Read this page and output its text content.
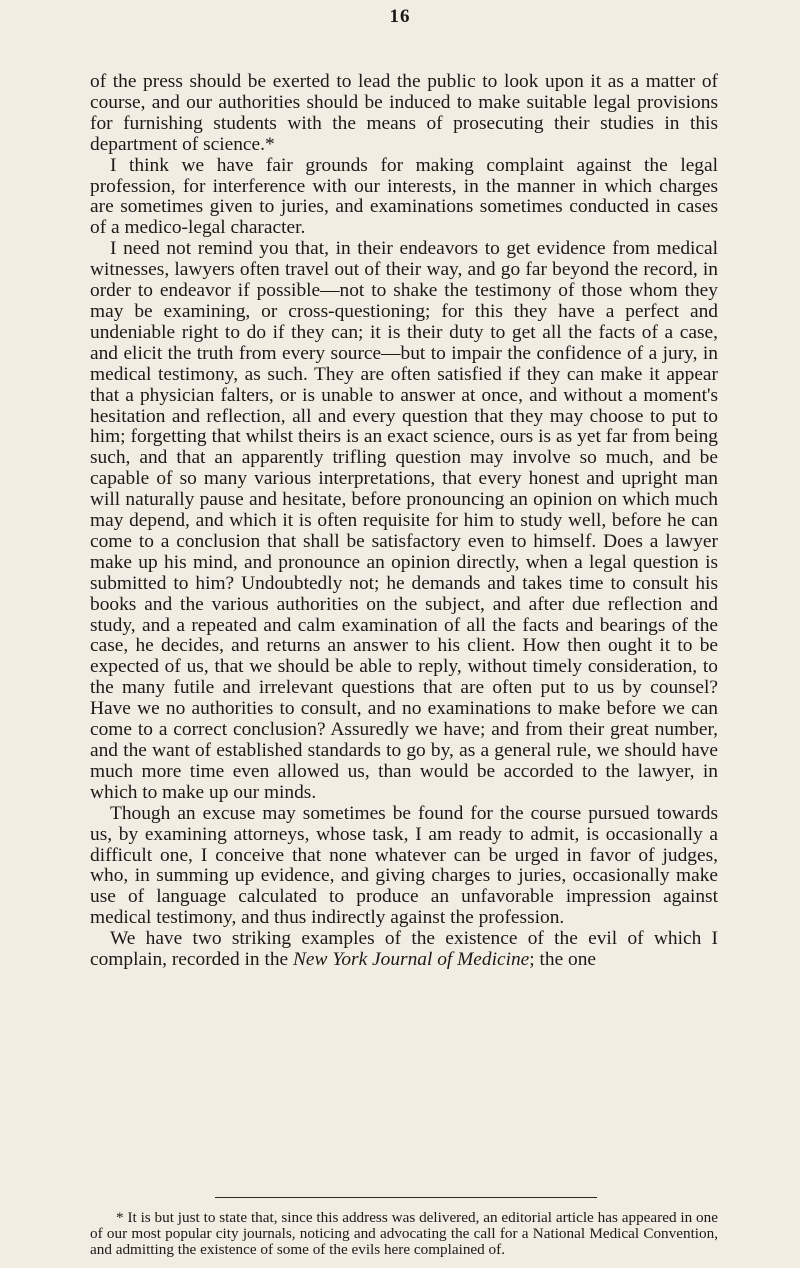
16

of the press should be exerted to lead the public to look upon it as a matter of course, and our authorities should be induced to make suitable legal provisions for furnishing students with the means of prosecuting their studies in this department of science.*

I think we have fair grounds for making complaint against the legal profession, for interference with our interests, in the manner in which charges are sometimes given to juries, and examinations sometimes conducted in cases of a medico-legal character.

I need not remind you that, in their endeavors to get evidence from medical witnesses, lawyers often travel out of their way, and go far beyond the record, in order to endeavor if possible—not to shake the testimony of those whom they may be examining, or cross-questioning; for this they have a perfect and undeniable right to do if they can; it is their duty to get all the facts of a case, and elicit the truth from every source—but to impair the confidence of a jury, in medical testimony, as such. They are often satisfied if they can make it appear that a physician falters, or is unable to answer at once, and without a moment's hesitation and reflection, all and every question that they may choose to put to him; forgetting that whilst theirs is an exact science, ours is as yet far from being such, and that an apparently trifling question may involve so much, and be capable of so many various interpretations, that every honest and upright man will naturally pause and hesitate, before pronouncing an opinion on which much may depend, and which it is often requisite for him to study well, before he can come to a conclusion that shall be satisfactory even to himself. Does a lawyer make up his mind, and pronounce an opinion directly, when a legal question is submitted to him? Undoubtedly not; he demands and takes time to consult his books and the various authorities on the subject, and after due reflection and study, and a repeated and calm examination of all the facts and bearings of the case, he decides, and returns an answer to his client. How then ought it to be expected of us, that we should be able to reply, without timely consideration, to the many futile and irrelevant questions that are often put to us by counsel? Have we no authorities to consult, and no examinations to make before we can come to a correct conclusion? Assuredly we have; and from their great number, and the want of established standards to go by, as a general rule, we should have much more time even allowed us, than would be accorded to the lawyer, in which to make up our minds.

Though an excuse may sometimes be found for the course pursued towards us, by examining attorneys, whose task, I am ready to admit, is occasionally a difficult one, I conceive that none whatever can be urged in favor of judges, who, in summing up evidence, and giving charges to juries, occasionally make use of language calculated to produce an unfavorable impression against medical testimony, and thus indirectly against the profession.

We have two striking examples of the existence of the evil of which I complain, recorded in the New York Journal of Medicine; the one

* It is but just to state that, since this address was delivered, an editorial article has appeared in one of our most popular city journals, noticing and advocating the call for a National Medical Convention, and admitting the existence of some of the evils here complained of.
